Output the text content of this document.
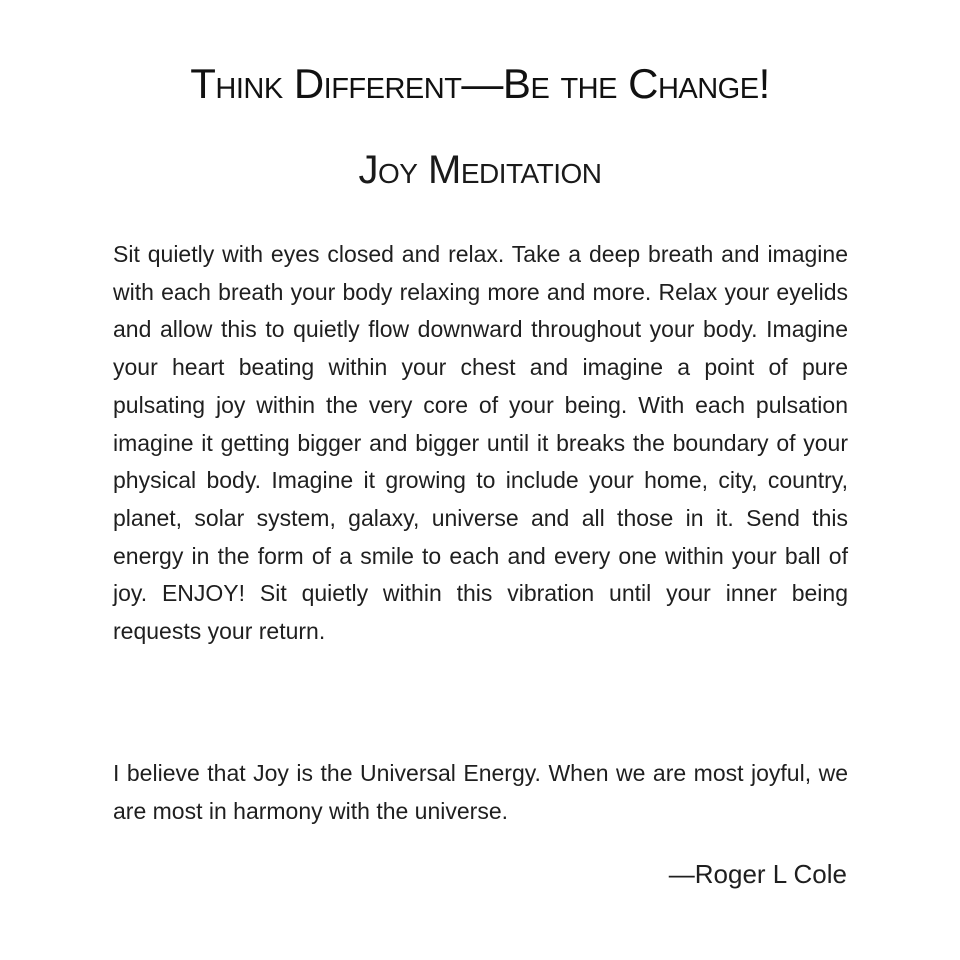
Think Different—Be the Change!
Joy Meditation

Sit quietly with eyes closed and relax. Take a deep breath and imagine with each breath your body relaxing more and more. Relax your eyelids and allow this to quietly flow downward throughout your body. Imagine your heart beating within your chest and imagine a point of pure pulsating joy within the very core of your being. With each pulsation imagine it getting bigger and bigger until it breaks the boundary of your physical body. Imagine it growing to include your home, city, country, planet, solar system, galaxy, universe and all those in it. Send this energy in the form of a smile to each and every one within your ball of joy. ENJOY! Sit quietly within this vibration until your inner being requests your return.

I believe that Joy is the Universal Energy. When we are most joyful, we are most in harmony with the universe.

—Roger L Cole
